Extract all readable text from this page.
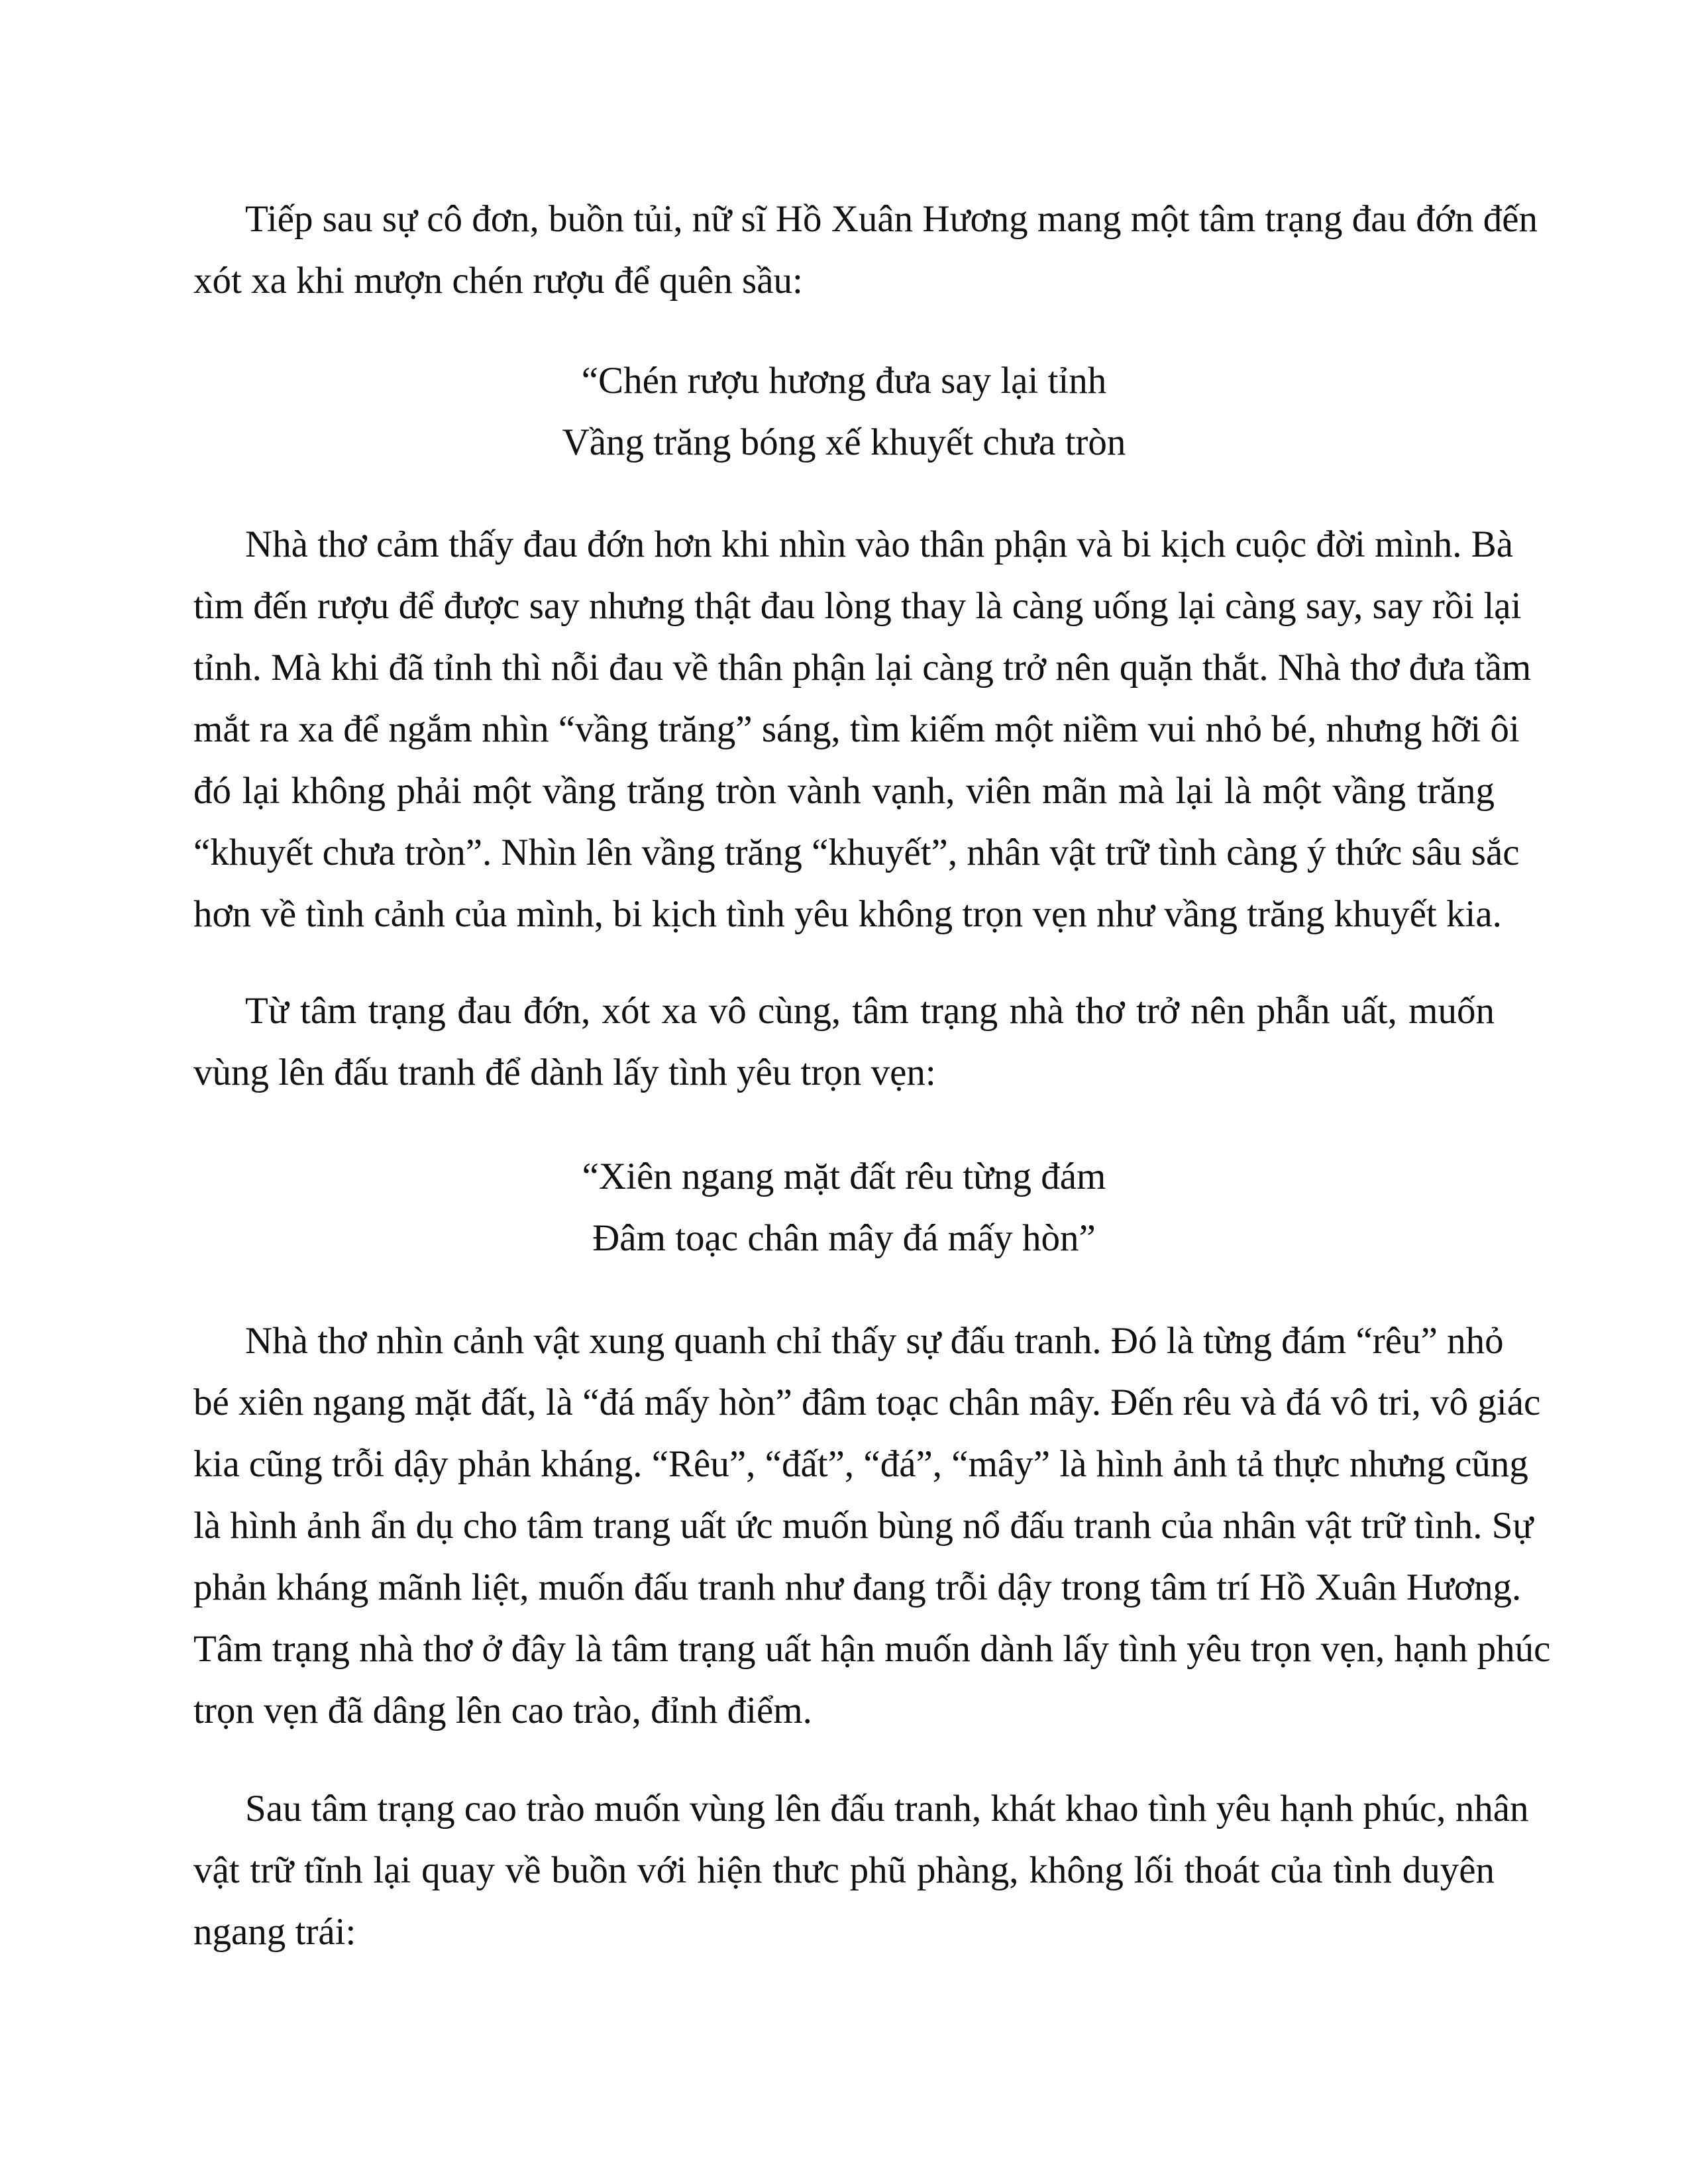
Tiếp sau sự cô đơn, buồn tủi, nữ sĩ Hồ Xuân Hương mang một tâm trạng đau đớn đến
xót xa khi mượn chén rượu để quên sầu:

“Chén rượu hương đưa say lại tỉnh
Vầng trăng bóng xế khuyết chưa tròn

Nhà thơ cảm thấy đau đớn hơn khi nhìn vào thân phận và bi kịch cuộc đời mình. Bà
tìm đến rượu để được say nhưng thật đau lòng thay là càng uống lại càng say, say rồi lại
tỉnh. Mà khi đã tỉnh thì nỗi đau về thân phận lại càng trở nên quặn thắt. Nhà thơ đưa tầm
mắt ra xa để ngắm nhìn “vầng trăng” sáng, tìm kiếm một niềm vui nhỏ bé, nhưng hỡi ôi
đó lại không phải một vầng trăng tròn vành vạnh, viên mãn mà lại là một vầng trăng
“khuyết chưa tròn”. Nhìn lên vầng trăng “khuyết”, nhân vật trữ tình càng ý thức sâu sắc
hơn về tình cảnh của mình, bi kịch tình yêu không trọn vẹn như vầng trăng khuyết kia.

Từ tâm trạng đau đớn, xót xa vô cùng, tâm trạng nhà thơ trở nên phẫn uất, muốn
vùng lên đấu tranh để dành lấy tình yêu trọn vẹn:

“Xiên ngang mặt đất rêu từng đám
Đâm toạc chân mây đá mấy hòn”

Nhà thơ nhìn cảnh vật xung quanh chỉ thấy sự đấu tranh. Đó là từng đám “rêu” nhỏ
bé xiên ngang mặt đất, là “đá mấy hòn” đâm toạc chân mây. Đến rêu và đá vô tri, vô giác
kia cũng trỗi dậy phản kháng. “Rêu”, “đất”, “đá”, “mây” là hình ảnh tả thực nhưng cũng
là hình ảnh ẩn dụ cho tâm trang uất ức muốn bùng nổ đấu tranh của nhân vật trữ tình. Sự
phản kháng mãnh liệt, muốn đấu tranh như đang trỗi dậy trong tâm trí Hồ Xuân Hương.
Tâm trạng nhà thơ ở đây là tâm trạng uất hận muốn dành lấy tình yêu trọn vẹn, hạnh phúc
trọn vẹn đã dâng lên cao trào, đỉnh điểm.

Sau tâm trạng cao trào muốn vùng lên đấu tranh, khát khao tình yêu hạnh phúc, nhân
vật trữ tĩnh lại quay về buồn với hiện thưc phũ phàng, không lối thoát của tình duyên
ngang trái:
